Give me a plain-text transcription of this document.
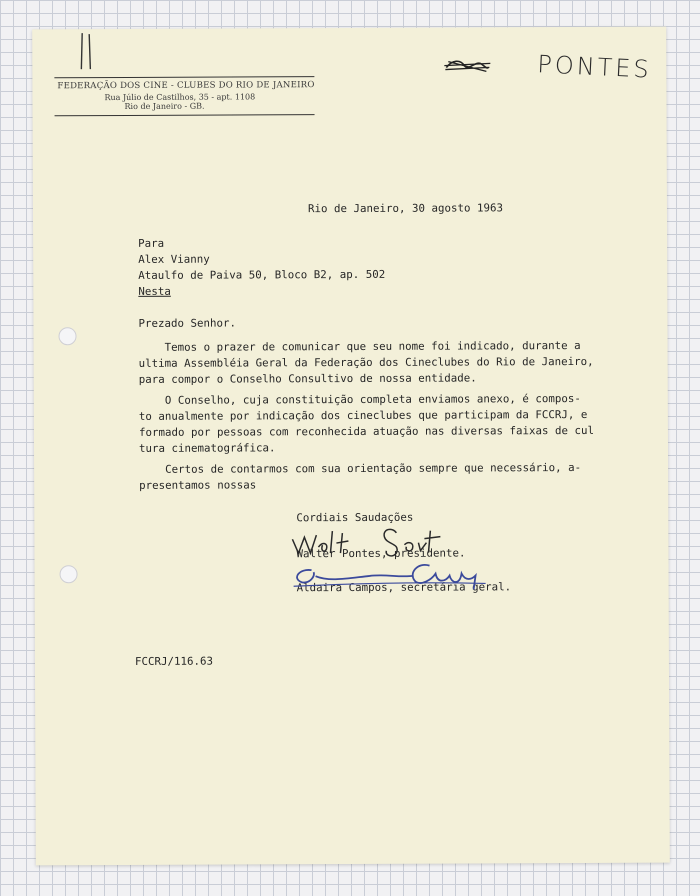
FEDERAÇÃO DOS CINE - CLUBES DO RIO DE JANEIRO
Rua Júlio de Castilhos, 35 - apt. 1108
Rio de Janeiro - GB.
PONTES
Rio de Janeiro, 30 agosto 1963
Para
Alex Vianny
Ataulfo de Paiva 50, Bloco B2, ap. 502
Nesta
Prezado Senhor.
Temos o prazer de comunicar que seu nome foi indicado, durante a
ultima Assembléia Geral da Federação dos Cineclubes do Rio de Janeiro,
para compor o Conselho Consultivo de nossa entidade.
O Conselho, cuja constituição completa enviamos anexo, é compos-
to anualmente por indicação dos cineclubes que participam da FCCRJ, e
formado por pessoas com reconhecida atuação nas diversas faixas de cul
tura cinematográfica.
Certos de contarmos com sua orientação sempre que necessário, a-
presentamos nossas
Cordiais Saudações
Walter Pontes, presidente.
Aldaira Campos, secretária geral.
FCCRJ/116.63
